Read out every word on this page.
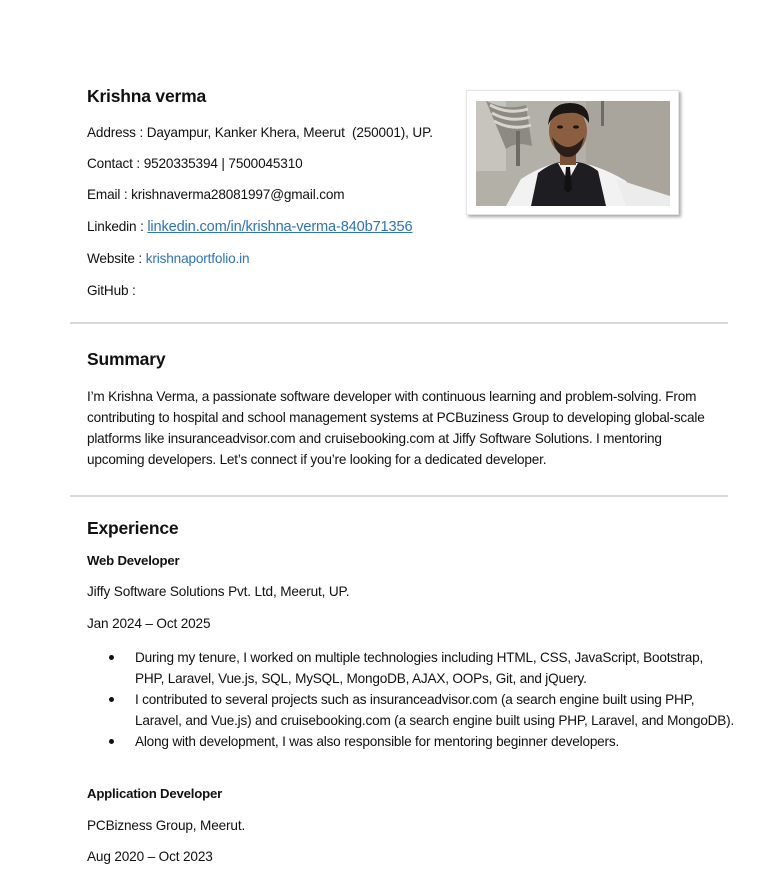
Krishna verma
Address : Dayampur, Kanker Khera, Meerut  (250001), UP.
Contact : 9520335394 | 7500045310
Email : krishnaverma28081997@gmail.com
Linkedin : linkedin.com/in/krishna-verma-840b71356
Website : krishnaportfolio.in
GitHub :
Summary
I’m Krishna Verma, a passionate software developer with continuous learning and problem-solving. From contributing to hospital and school management systems at PCBuziness Group to developing global-scale platforms like insuranceadvisor.com and cruisebooking.com at Jiffy Software Solutions. I mentoring upcoming developers. Let’s connect if you’re looking for a dedicated developer.
Experience
Web Developer
Jiffy Software Solutions Pvt. Ltd, Meerut, UP.
Jan 2024 – Oct 2025
During my tenure, I worked on multiple technologies including HTML, CSS, JavaScript, Bootstrap, PHP, Laravel, Vue.js, SQL, MySQL, MongoDB, AJAX, OOPs, Git, and jQuery.
I contributed to several projects such as insuranceadvisor.com (a search engine built using PHP, Laravel, and Vue.js) and cruisebooking.com (a search engine built using PHP, Laravel, and MongoDB).
Along with development, I was also responsible for mentoring beginner developers.
Application Developer
PCBizness Group, Meerut.
Aug 2020 – Oct 2023
